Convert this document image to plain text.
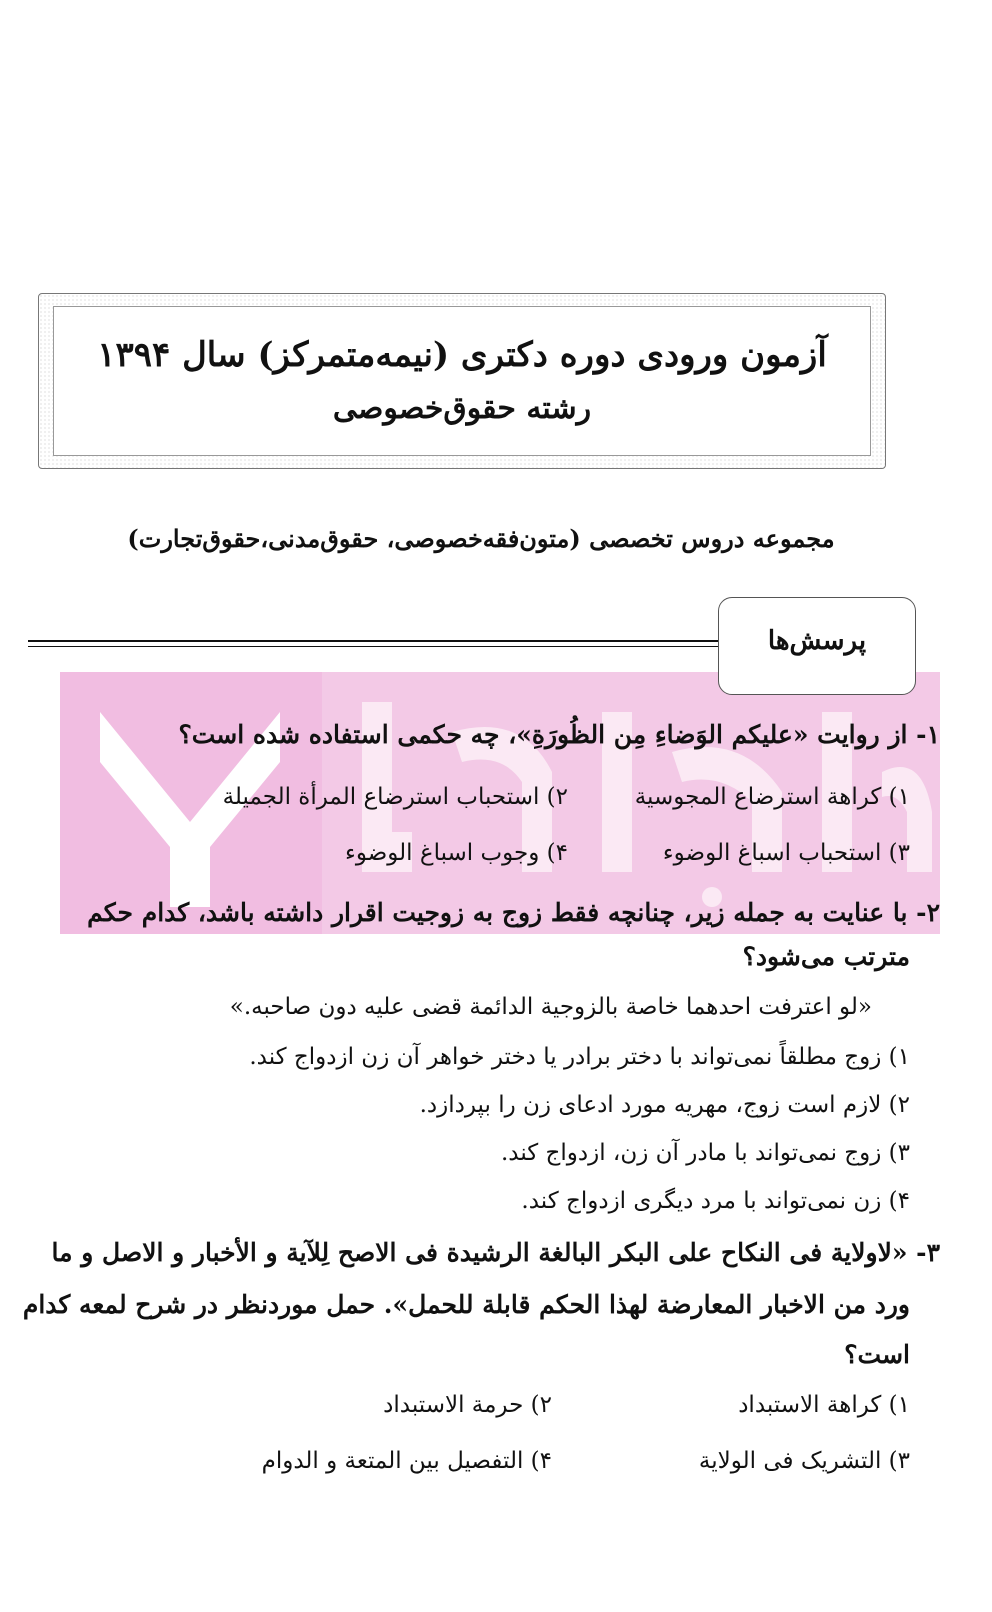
آزمون ورودی دوره دکتری (نیمه‌متمرکز) سال ۱۳۹۴
رشته حقوق‌خصوصی
مجموعه دروس تخصصی (متون‌فقه‌خصوصی، حقوق‌مدنی،حقوق‌تجارت)
پرسش‌ها
۱- از روایت «علیکم الوَضاءِ مِن الظُورَةِ»، چه حکمی استفاده شده است؟
۱) کراهة استرضاع المجوسیة
۲) استحباب استرضاع المرأة الجمیلة
۳) استحباب اسباغ الوضوء
۴) وجوب اسباغ الوضوء
۲- با عنایت به جمله زیر، چنانچه فقط زوج به زوجیت اقرار داشته باشد، کدام حکم
مترتب می‌شود؟
«لو اعترفت احدهما خاصة بالزوجیة الدائمة قضی علیه دون صاحبه.»
۱) زوج مطلقاً نمی‌تواند با دختر برادر یا دختر خواهر آن زن ازدواج کند.
۲) لازم است زوج، مهریه مورد ادعای زن را بپردازد.
۳) زوج نمی‌تواند با مادر آن زن، ازدواج کند.
۴) زن نمی‌تواند با مرد دیگری ازدواج کند.
۳- «لاولایة فی النکاح علی البکر البالغة الرشیدة فی الاصح لِلآیة و الأخبار و الاصل و ما
ورد من الاخبار المعارضة لهذا الحکم قابلة للحمل». حمل موردنظر در شرح لمعه کدام
است؟
۱) کراهة الاستبداد
۲) حرمة الاستبداد
۳) التشریک فی الولایة
۴) التفصیل بین المتعة و الدوام
